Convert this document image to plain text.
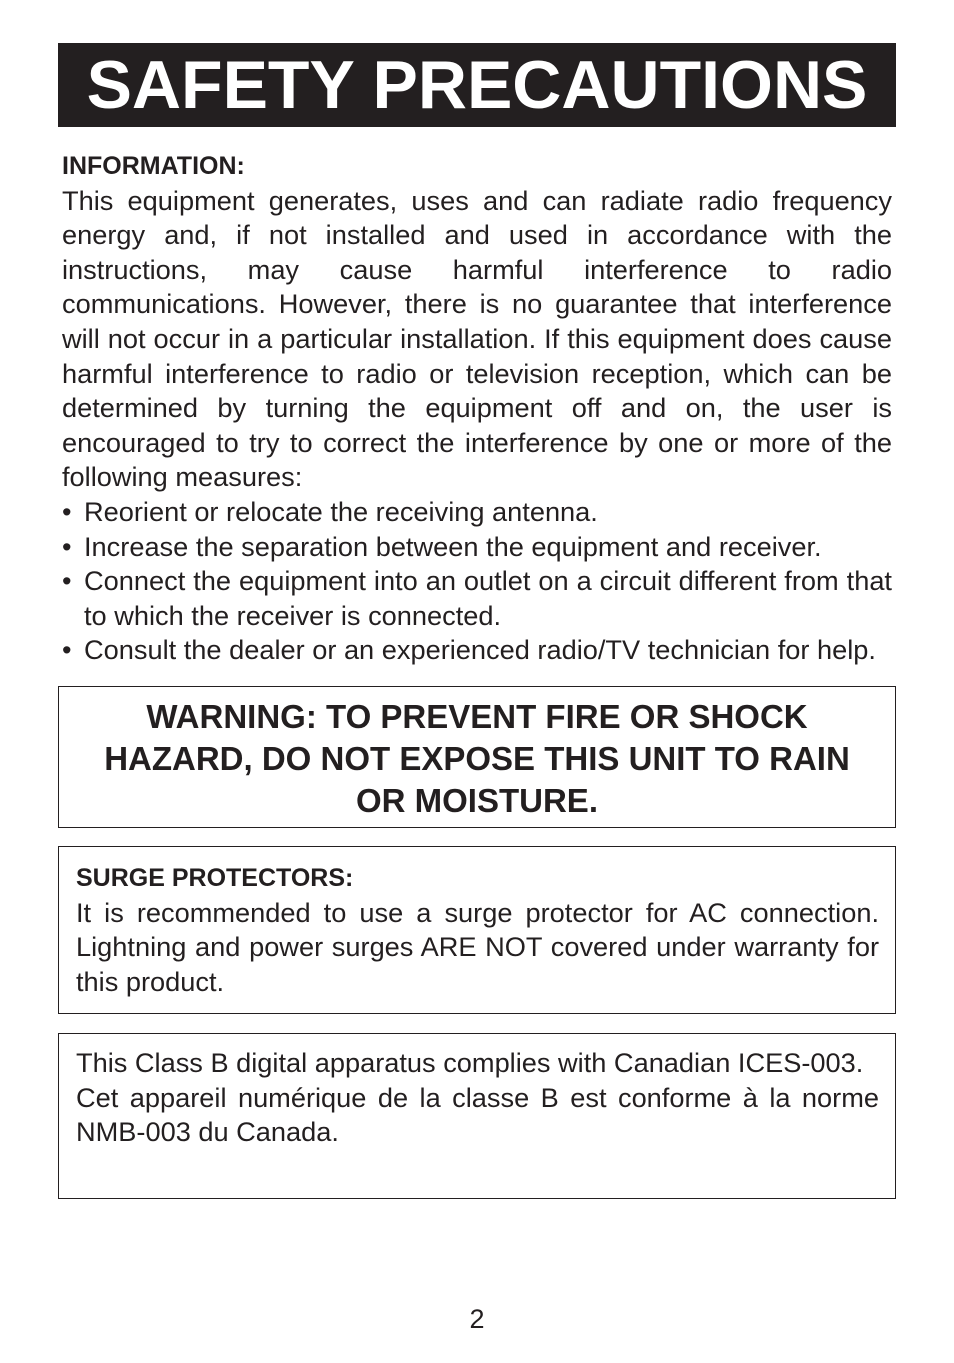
SAFETY PRECAUTIONS
INFORMATION:
This equipment generates, uses and can radiate radio frequency energy and, if not installed and used in accordance with the instructions, may cause harmful interference to radio communications. However, there is no guarantee that interference will not occur in a particular installation. If this equipment does cause harmful interference to radio or television reception, which can be determined by turning the equipment off and on, the user is encouraged to try to correct the interference by one or more of the following measures:
• Reorient or relocate the receiving antenna.
• Increase the separation between the equipment and receiver.
• Connect the equipment into an outlet on a circuit different from that to which the receiver is connected.
• Consult the dealer or an experienced radio/TV technician for help.
WARNING: TO PREVENT FIRE OR SHOCK
HAZARD, DO NOT EXPOSE THIS UNIT TO RAIN
OR MOISTURE.
SURGE PROTECTORS:
It is recommended to use a surge protector for AC connection. Lightning and power surges ARE NOT covered under warranty for this product.
This Class B digital apparatus complies with Canadian ICES-003.
Cet appareil numérique de la classe B est conforme à la norme NMB-003 du Canada.
2
